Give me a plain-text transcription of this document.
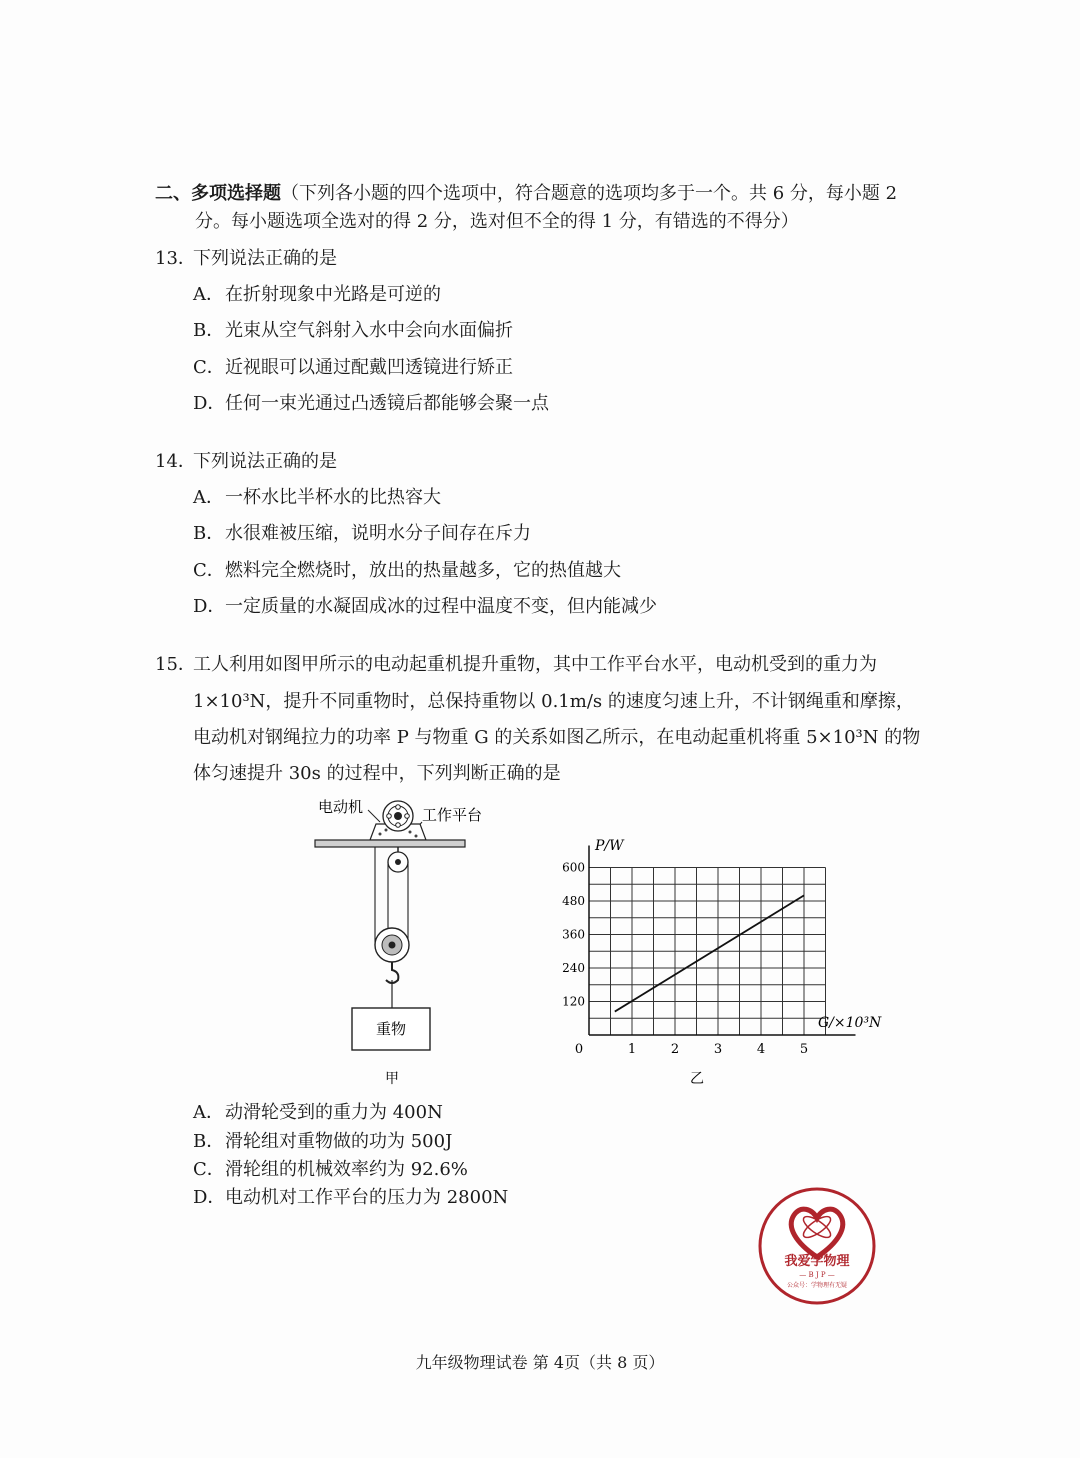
二、多项选择题（下列各小题的四个选项中，符合题意的选项均多于一个。共 6 分，每小题 2
分。每小题选项全选对的得 2 分，选对但不全的得 1 分，有错选的不得分）
13．下列说法正确的是
A．在折射现象中光路是可逆的
B．光束从空气斜射入水中会向水面偏折
C．近视眼可以通过配戴凹透镜进行矫正
D．任何一束光通过凸透镜后都能够会聚一点
14．下列说法正确的是
A．一杯水比半杯水的比热容大
B．水很难被压缩，说明水分子间存在斥力
C．燃料完全燃烧时，放出的热量越多，它的热值越大
D．一定质量的水凝固成冰的过程中温度不变，但内能减少
15．工人利用如图甲所示的电动起重机提升重物，其中工作平台水平，电动机受到的重力为
1×10³N，提升不同重物时，总保持重物以 0.1m/s 的速度匀速上升，不计钢绳重和摩擦，
电动机对钢绳拉力的功率 P 与物重 G 的关系如图乙所示，在电动起重机将重 5×10³N 的物
体匀速提升 30s 的过程中，下列判断正确的是
电动机	工作平台
重物
甲
P/W
G/×10³N
0	1	2	3	4	5
120
240
360
480
600
乙
A．动滑轮受到的重力为 400N
B．滑轮组对重物做的功为 500J
C．滑轮组的机械效率约为 92.6%
D．电动机对工作平台的压力为 2800N
我爱学物理
— B J P —
公众号：学物理有无疑
九年级物理试卷 第 4页（共 8 页）
